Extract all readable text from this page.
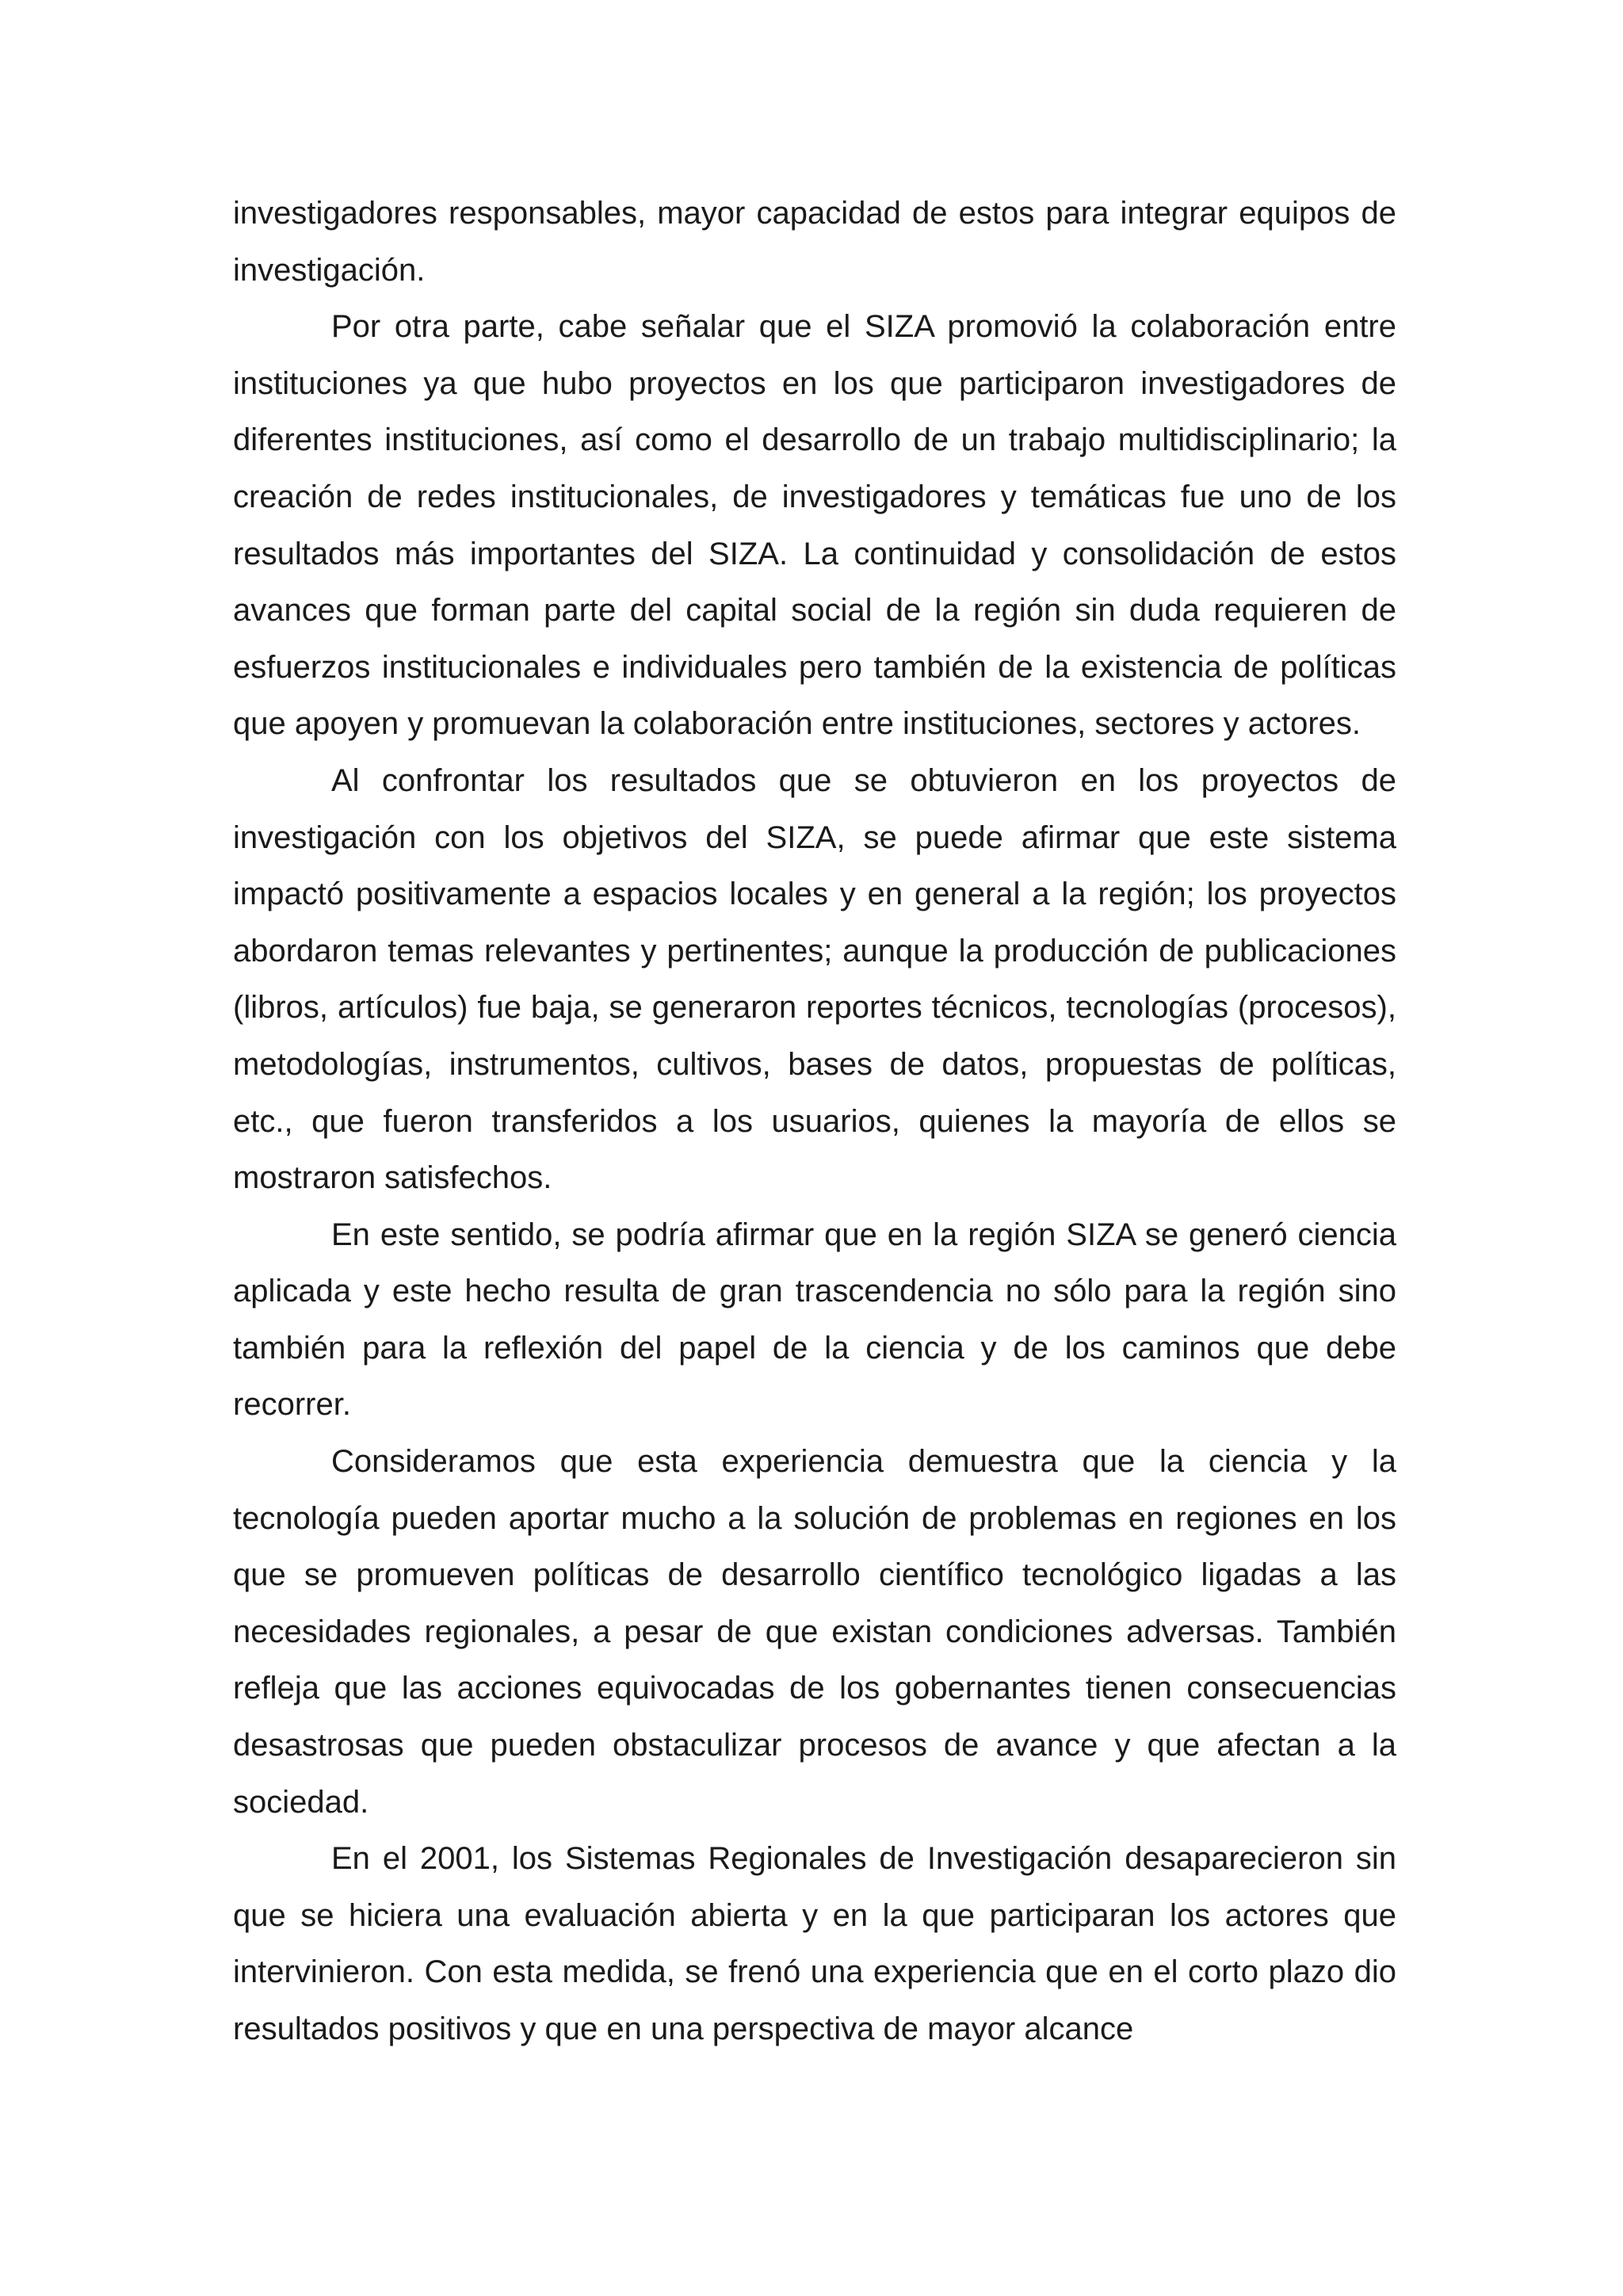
investigadores responsables, mayor capacidad de estos para integrar equipos de investigación.

Por otra parte, cabe señalar que el SIZA promovió la colaboración entre instituciones ya que hubo proyectos en los que participaron investigadores de diferentes instituciones, así como el desarrollo de un trabajo multidisciplinario; la creación de redes institucionales, de investigadores y temáticas fue uno de los resultados más importantes del SIZA. La continuidad y consolidación de estos avances que forman parte del capital social de la región sin duda requieren de esfuerzos institucionales e individuales pero también de la existencia de políticas que apoyen y promuevan la colaboración entre instituciones, sectores y actores.

Al confrontar los resultados que se obtuvieron en los proyectos de investigación con los objetivos del SIZA, se puede afirmar que este sistema impactó positivamente a espacios locales y en general a la región; los proyectos abordaron temas relevantes y pertinentes; aunque la producción de publicaciones (libros, artículos) fue baja, se generaron reportes técnicos, tecnologías (procesos), metodologías, instrumentos, cultivos, bases de datos, propuestas de políticas, etc., que fueron transferidos a los usuarios, quienes la mayoría de ellos se mostraron satisfechos.

En este sentido, se podría afirmar que en la región SIZA se generó ciencia aplicada y este hecho resulta de gran trascendencia no sólo para la región sino también para la reflexión del papel de la ciencia y de los caminos que debe recorrer.

Consideramos que esta experiencia demuestra que la ciencia y la tecnología pueden aportar mucho a la solución de problemas en regiones en los que se promueven políticas de desarrollo científico tecnológico ligadas a las necesidades regionales, a pesar de que existan condiciones adversas. También refleja que las acciones equivocadas de los gobernantes tienen consecuencias desastrosas que pueden obstaculizar procesos de avance y que afectan a la sociedad.

En el 2001, los Sistemas Regionales de Investigación desaparecieron sin que se hiciera una evaluación abierta y en la que participaran los actores que intervinieron. Con esta medida, se frenó una experiencia que en el corto plazo dio resultados positivos y que en una perspectiva de mayor alcance
